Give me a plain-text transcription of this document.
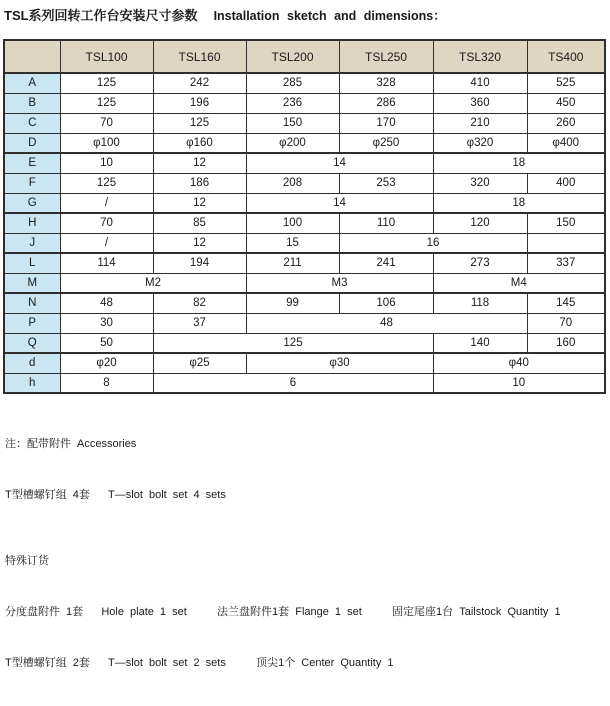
TSL系列回转工作台安装尺寸参数 Installation sketch and dimensions：
	TSL100	TSL160	TSL200	TSL250	TSL320	TS400
A	125	242	285	328	410	525
B	125	196	236	286	360	450
C	70	125	150	170	210	260
D	φ100	φ160	φ200	φ250	φ320	φ400
E	10	12	14		18	
F	125	186	208	253	320	400
G	/	12	14		18	
H	70	85	100	110	120	150
J	/	12	15	16		
L	114	194	211	241	273	337
M	M2		M3		M4	
N	48	82	99	106	118	145
P	30	37	48			70
Q	50	125			140	160
d	φ20	φ25	φ30		φ40	
h	8	6			10	

注：配带附件 Accessories

T型槽螺钉组 4套   T—slot bolt set 4 sets

特殊订货

分度盘附件 1套   Hole plate 1 set     法兰盘附件1套 Flange 1 set     固定尾座1台 Tailstock Quantity 1

T型槽螺钉组 2套   T—slot bolt set 2 sets     顶尖1个 Center Quantity 1
